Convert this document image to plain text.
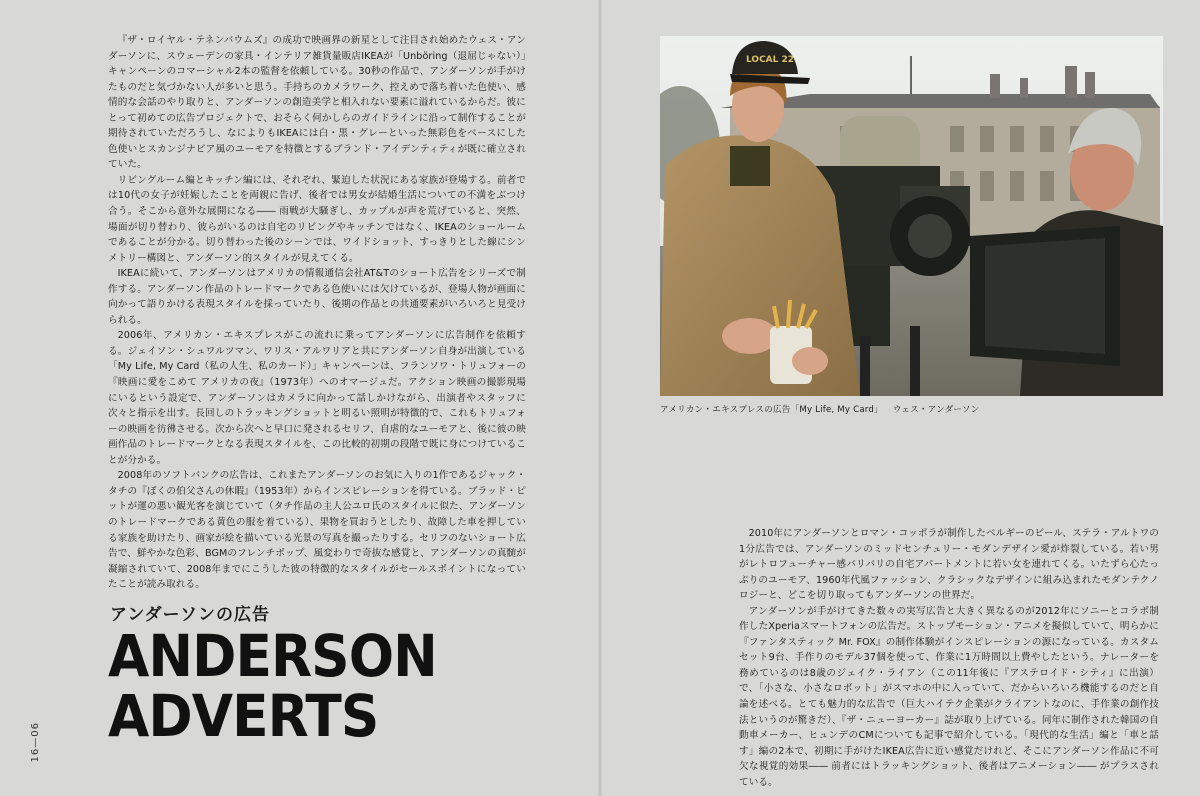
『ザ・ロイヤル・テネンバウムズ』の成功で映画界の新星として注目され始めたウェス・アンダーソンに、スウェーデンの家具・インテリア雑貨量販店IKEAが「Unböring（退屈じゃない）」キャンペーンのコマーシャル2本の監督を依頼している。30秒の作品で、アンダーソンが手がけたものだと気づかない人が多いと思う。手持ちのカメラワーク、控えめで落ち着いた色使い、感情的な会話のやり取りと、アンダーソンの創造美学と相入れない要素に溢れているからだ。彼にとって初めての広告プロジェクトで、おそらく何かしらのガイドラインに沿って制作することが期待されていただろうし、なによりもIKEAには白・黒・グレーといった無彩色をベースにした色使いとスカンジナビア風のユーモアを特徴とするブランド・アイデンティティが既に確立されていた。

リビングルーム編とキッチン編には、それぞれ、緊迫した状況にある家族が登場する。前者では10代の女子が妊娠したことを両親に告げ、後者では男女が結婚生活についての不満をぶつけ合う。そこから意外な展開になる―― 雨戦が大騒ぎし、カップルが声を荒げていると、突然、場面が切り替わり、彼らがいるのは自宅のリビングやキッチンではなく、IKEAのショールームであることが分かる。切り替わった後のシーンでは、ワイドショット、すっきりとした線にシンメトリー構図と、アンダーソン的スタイルが見えてくる。

IKEAに続いて、アンダーソンはアメリカの情報通信会社AT&Tのショート広告をシリーズで制作する。アンダーソン作品のトレードマークである色使いには欠けているが、登場人物が画面に向かって語りかける表現スタイルを採っていたり、後期の作品との共通要素がいろいろと見受けられる。

2006年、アメリカン・エキスプレスがこの流れに乗ってアンダーソンに広告制作を依頼する。ジェイソン・シュワルツマン、ワリス・アルワリアと共にアンダーソン自身が出演している「My Life, My Card（私の人生、私のカード）」キャンペーンは、フランソワ・トリュフォーの『映画に愛をこめて アメリカの夜』（1973年）へのオマージュだ。アクション映画の撮影現場にいるという設定で、アンダーソンはカメラに向かって話しかけながら、出演者やスタッフに次々と指示を出す。長回しのトラッキングショットと明るい照明が特徴的で、これもトリュフォーの映画を彷彿させる。次から次へと早口に発されるセリフ、自虐的なユーモアと、後に彼の映画作品のトレードマークとなる表現スタイルを、この比較的初期の段階で既に身につけていることが分かる。

2008年のソフトバンクの広告は、これまたアンダーソンのお気に入りの1作であるジャック・タチの『ぼくの伯父さんの休暇』（1953年）からインスピレーションを得ている。ブラッド・ピットが運の悪い観光客を演じていて（タチ作品の主人公ユロ氏のスタイルに似た、アンダーソンのトレードマークである黄色の服を着ている）、果物を買おうとしたり、故障した車を押している家族を助けたり、画家が絵を描いている光景の写真を撮ったりする。セリフのないショート広告で、鮮やかな色彩、BGMのフレンチポップ、風変わりで奇抜な感覚と、アンダーソンの真髄が凝縮されていて、2008年までにこうした彼の特徴的なスタイルがセールスポイントになっていたことが読み取れる。

アンダーソンの広告
ANDERSON
ADVERTS
16—06
LOCAL 22
アメリカン・エキスプレスの広告「My Life, My Card」 ウェス・アンダーソン

2010年にアンダーソンとロマン・コッポラが制作したベルギーのビール、ステラ・アルトワの1分広告では、アンダーソンのミッドセンチュリー・モダンデザイン愛が炸裂している。若い男がレトロフューチャー感バリバリの自宅アパートメントに若い女を連れてくる。いたずら心たっぷりのユーモア、1960年代風ファッション、クラシックなデザインに組み込まれたモダンテクノロジーと、どこを切り取ってもアンダーソンの世界だ。

アンダーソンが手がけてきた数々の実写広告と大きく異なるのが2012年にソニーとコラボ制作したXperiaスマートフォンの広告だ。ストップモーション・アニメを擬似していて、明らかに『ファンタスティック Mr. FOX』の制作体験がインスピレーションの源になっている。カスタムセット9台、手作りのモデル37個を使って、作業に1万時間以上費やしたという。ナレーターを務めているのは8歳のジェイク・ライアン（この11年後に『アステロイド・シティ』に出演）で、「小さな、小さなロボット」がスマホの中に入っていて、だからいろいろ機能するのだと自論を述べる。とても魅力的な広告で（巨大ハイテク企業がクライアントなのに、手作業の創作技法というのが驚きだ）、『ザ・ニューヨーカー』誌が取り上げている。同年に制作された韓国の自動車メーカー、ヒュンデのCMについても記事で紹介している。「現代的な生活」編と「車と話す」編の2本で、初期に手がけたIKEA広告に近い感覚だけれど、そこにアンダーソン作品に不可欠な視覚的効果―― 前者にはトラッキングショット、後者はアニメーション―― がプラスされている。
